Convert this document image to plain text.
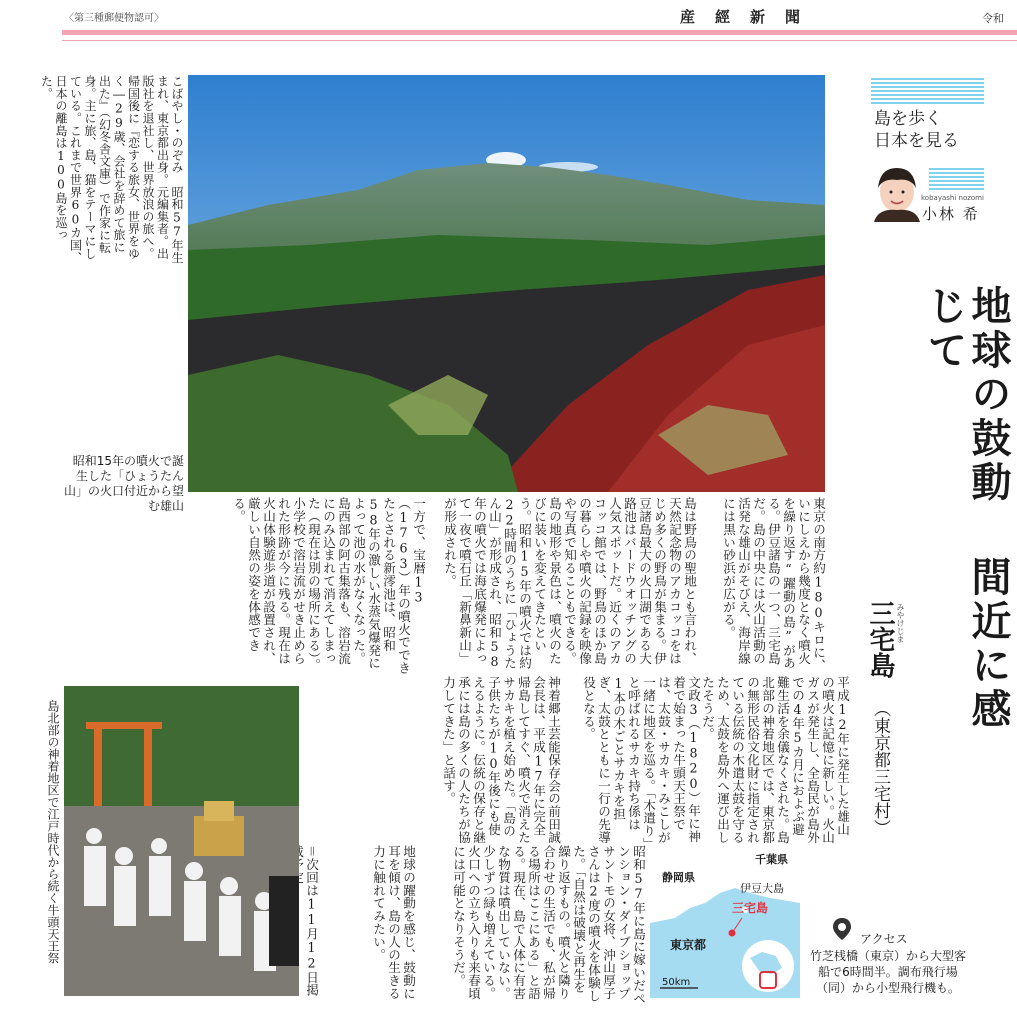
〈第三種郵便物認可〉	産經新聞	令和
こばやし・のぞみ　昭和57年生まれ、東京都出身。元編集者。出版社を退社し、世界放浪の旅へ。帰国後に『恋する旅女、世界をゆく―29歳、会社を辞めて旅に出た』（幻冬舎文庫）で作家に転身。主に旅、島、猫をテーマにしている。これまで世界60カ国、日本の離島は100島を巡った。
昭和15年の噴火で誕生した「ひょうたん山」の火口付近から望む雄山	東京の南方約180キロに、いにしえから幾度となく噴火を繰り返す“躍動の島”がある。伊豆諸島の一つ、三宅島だ。島の中央には火山活動の活発な雄山がそびえ、海岸線には黒い砂浜が広がる。
島は野鳥の聖地とも言われ、天然記念物のアカコッコをはじめ多くの野鳥が集まる。伊豆諸島最大の火口湖である大路池はバードウオッチングの人気スポットだ。近くのアカコッコ館では、野鳥のほか島の暮らしや噴火の記録を映像や写真で知ることもできる。
島の地形や景色は、噴火のたびに装いを変えてきたという。昭和15年の噴火では約22時間のうちに「ひょうたん山」が形成され、昭和58年の噴火では海底爆発によって一夜で噴石丘「新鼻新山」が形成された。
一方で、宝暦13（1763）年の噴火でできたとされる新澪池は、昭和58年の激しい水蒸気爆発によって池の水がなくなった。島西部の阿古集落も、溶岩流にのみ込まれて消えてしまった（現在は別の場所にある）。小学校で溶岩流がせき止められた形跡が今に残る。現在は火山体験遊歩道が設置され、厳しい自然の姿を体感できる。
平成12年に発生した雄山の噴火は記憶に新しい。火山ガスが発生し、全島民が島外での4年5カ月におよぶ避難生活を余儀なくされた。島北部の神着地区では、東京都の無形民俗文化財に指定されている伝統の木遣太鼓を守るため、太鼓を島外へ運び出したそうだ。
文政3（1820）年に神着で始まった牛頭天王祭では、太鼓・サカキ・みこしが一緒に地区を巡る。「木遣り」と呼ばれるサカキ持ち係は1本の木ごとサカキを担ぎ、太鼓とともに一行の先導役となる。
神着郷土芸能保存会の前田誠会長は、平成17年に完全帰島してすぐ、噴火で消えたサカキを植え始めた。「島の子供たちが10年後にも使えるように。伝統の保存と継承には島の多くの人たちが協力してきた」と話す。
昭和57年に島に嫁いだペンション・ダイブショップサントモの女将、沖山厚子さんは2度の噴火を体験した。「自然は破壊と再生を繰り返すもの。噴火と隣り合わせの生活でも、私が帰る場所はここにある」と語る。現在、島で人体に有害な物質は噴出していない。少しずつ緑も増えている。火口への立ち入りも来春頃には可能となりそうだ。
地球の躍動を感じ、鼓動に耳を傾け、島の人の生きる力に触れてみたい。
＝次回は11月12日掲
島北部の神着地区で江戸時代から続く牛頭天王祭
島を歩く
日本を見る
kobayashi nozomi
小林 希
地球の鼓動 間近に感じて
三宅島 みやけじま
（東京都三宅村）
千葉県
静岡県
伊豆大島
三宅島
東京都
50km
アクセス
竹芝桟橋（東京）から大型客船で6時間半。調布飛行場（同）から小型飛行機も。
